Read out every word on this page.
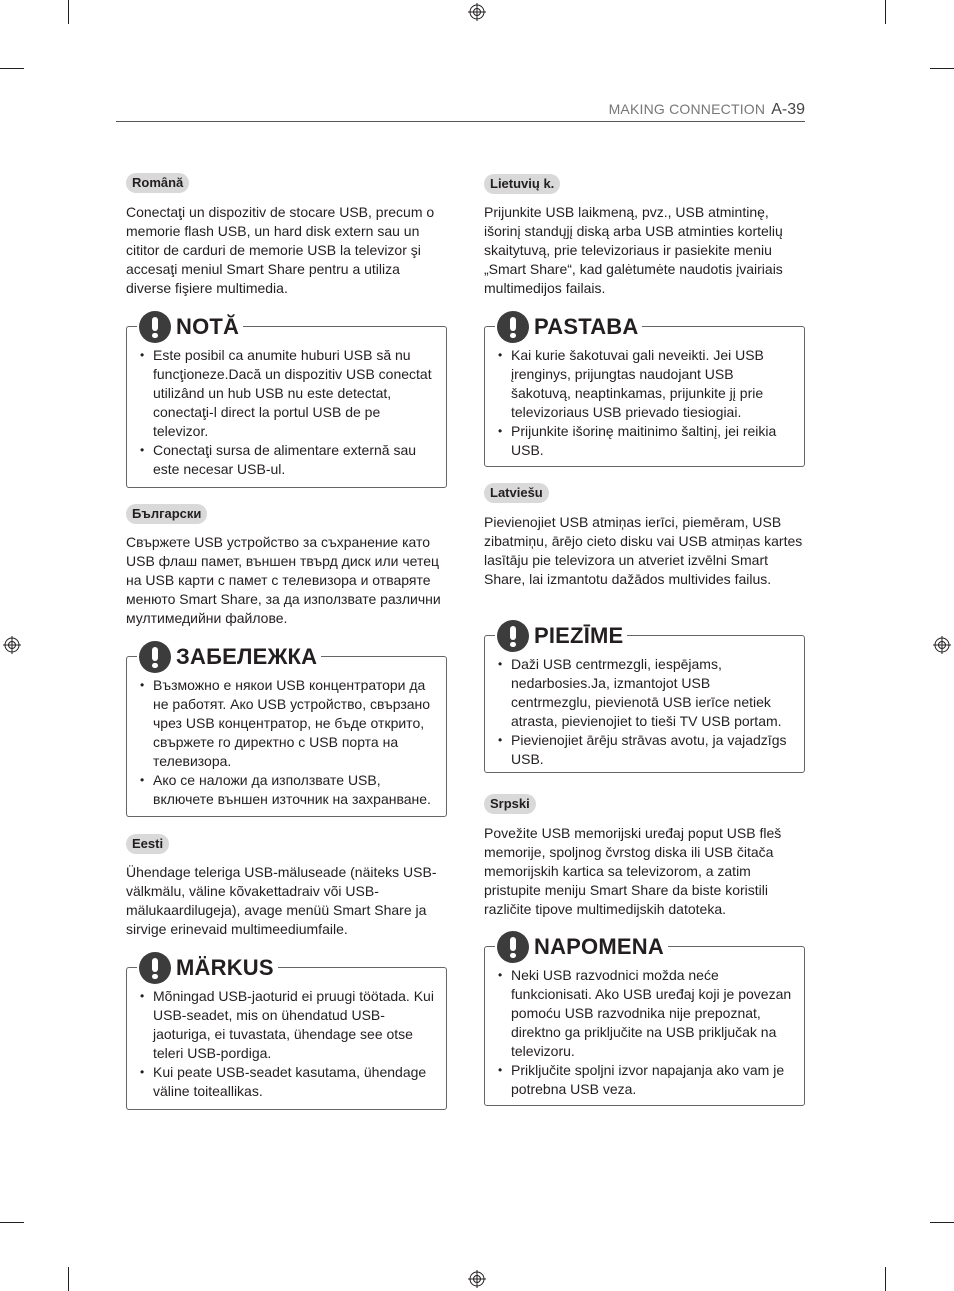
MAKING CONNECTION A-39
Română
Conectaţi un dispozitiv de stocare USB, precum o memorie flash USB, un hard disk extern sau un cititor de carduri de memorie USB la televizor şi accesaţi meniul Smart Share pentru a utiliza diverse fişiere multimedia.
NOTĂ
• Este posibil ca anumite huburi USB să nu funcţioneze.Dacă un dispozitiv USB conectat utilizând un hub USB nu este detectat, conectaţi-l direct la portul USB de pe televizor.
• Conectaţi sursa de alimentare externă sau este necesar USB-ul.
Български
Свържете USB устройство за съхранение като USB флаш памет, външен твърд диск или четец на USB карти с памет с телевизора и отваряте менюто Smart Share, за да използвате различни мултимедийни файлове.
ЗАБЕЛЕЖКА
• Възможно е някои USB концентратори да не работят. Ако USB устройство, свързано чрез USB концентратор, не бъде открито, свържете го директно с USB порта на телевизора.
• Ако се наложи да използвате USB, включете външен източник на захранване.
Eesti
Ühendage teleriga USB-mäluseade (näiteks USB-välkmälu, väline kõvakettadraiv või USB-mälukaardilugeja), avage menüü Smart Share ja sirvige erinevaid multimeediumfaile.
MÄRKUS
• Mõningad USB-jaoturid ei pruugi töötada. Kui USB-seadet, mis on ühendatud USB-jaoturiga, ei tuvastata, ühendage see otse teleri USB-pordiga.
• Kui peate USB-seadet kasutama, ühendage väline toiteallikas.
Lietuvių k.
Prijunkite USB laikmeną, pvz., USB atmintinę, išorinį standųjį diską arba USB atminties kortelių skaitytuvą, prie televizoriaus ir pasiekite meniu „Smart Share“, kad galėtumėte naudotis įvairiais multimedijos failais.
PASTABA
• Kai kurie šakotuvai gali neveikti. Jei USB įrenginys, prijungtas naudojant USB šakotuvą, neaptinkamas, prijunkite jį prie televizoriaus USB prievado tiesiogiai.
• Prijunkite išorinę maitinimo šaltinį, jei reikia USB.
Latviešu
Pievienojiet USB atmiņas ierīci, piemēram, USB zibatmiņu, ārējo cieto disku vai USB atmiņas kartes lasītāju pie televizora un atveriet izvēlni Smart Share, lai izmantotu dažādos multivides failus.
PIEZĪME
• Daži USB centrmezgli, iespējams, nedarbosies.Ja, izmantojot USB centrmezglu, pievienotā USB ierīce netiek atrasta, pievienojiet to tieši TV USB portam.
• Pievienojiet ārēju strāvas avotu, ja vajadzīgs USB.
Srpski
Povežite USB memorijski uređaj poput USB fleš memorije, spoljnog čvrstog diska ili USB čitača memorijskih kartica sa televizorom, a zatim pristupite meniju Smart Share da biste koristili različite tipove multimedijskih datoteka.
NAPOMENA
• Neki USB razvodnici možda neće funkcionisati. Ako USB uređaj koji je povezan pomoću USB razvodnika nije prepoznat, direktno ga priključite na USB priključak na televizoru.
• Priključite spoljni izvor napajanja ako vam je potrebna USB veza.
